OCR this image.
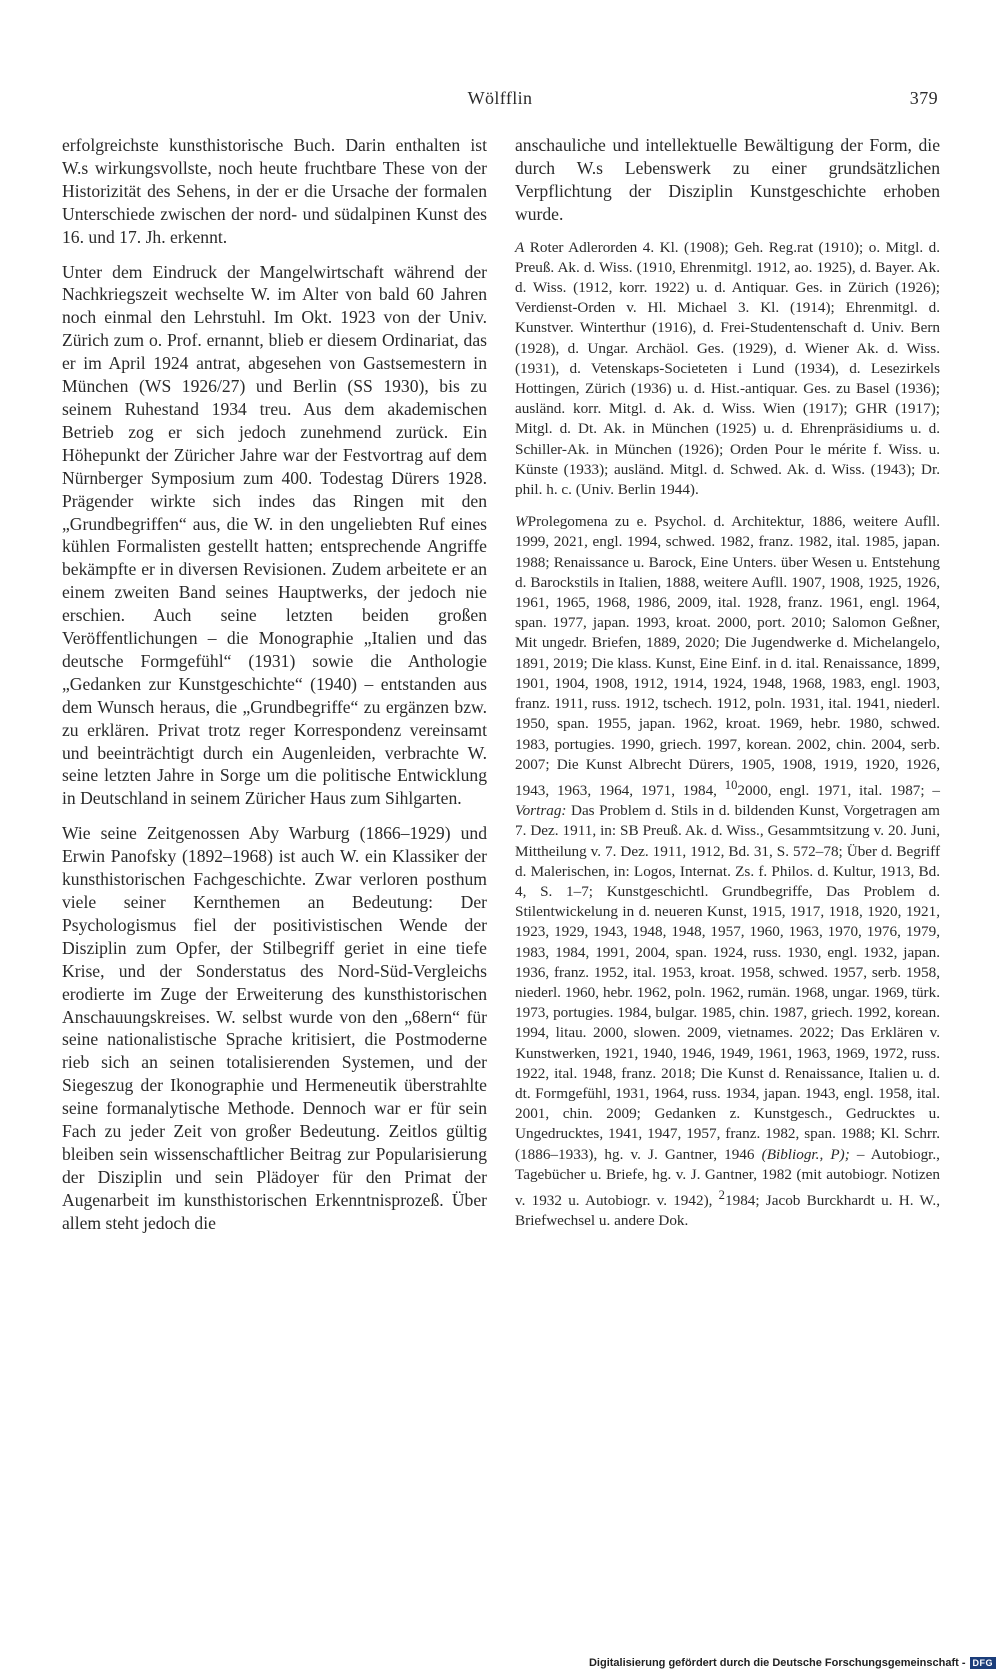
Wölfflin	379

erfolgreichste kunsthistorische Buch. Darin enthalten ist W.s wirkungsvollste, noch heute fruchtbare These von der Historizität des Sehens, in der er die Ursache der formalen Unterschiede zwischen der nord- und südalpinen Kunst des 16. und 17. Jh. erkennt.

Unter dem Eindruck der Mangelwirtschaft während der Nachkriegszeit wechselte W. im Alter von bald 60 Jahren noch einmal den Lehrstuhl. Im Okt. 1923 von der Univ. Zürich zum o. Prof. ernannt, blieb er diesem Ordinariat, das er im April 1924 antrat, abgesehen von Gastsemestern in München (WS 1926/27) und Berlin (SS 1930), bis zu seinem Ruhestand 1934 treu. Aus dem akademischen Betrieb zog er sich jedoch zunehmend zurück. Ein Höhepunkt der Züricher Jahre war der Festvortrag auf dem Nürnberger Symposium zum 400. Todestag Dürers 1928. Prägender wirkte sich indes das Ringen mit den „Grundbegriffen“ aus, die W. in den ungeliebten Ruf eines kühlen Formalisten gestellt hatten; entsprechende Angriffe bekämpfte er in diversen Revisionen. Zudem arbeitete er an einem zweiten Band seines Hauptwerks, der jedoch nie erschien. Auch seine letzten beiden großen Veröffentlichungen – die Monographie „Italien und das deutsche Formgefühl“ (1931) sowie die Anthologie „Gedanken zur Kunstgeschichte“ (1940) – entstanden aus dem Wunsch heraus, die „Grundbegriffe“ zu ergänzen bzw. zu erklären. Privat trotz reger Korrespondenz vereinsamt und beeinträchtigt durch ein Augenleiden, verbrachte W. seine letzten Jahre in Sorge um die politische Entwicklung in Deutschland in seinem Züricher Haus zum Sihlgarten.

Wie seine Zeitgenossen Aby Warburg (1866–1929) und Erwin Panofsky (1892–1968) ist auch W. ein Klassiker der kunsthistorischen Fachgeschichte. Zwar verloren posthum viele seiner Kernthemen an Bedeutung: Der Psychologismus fiel der positivistischen Wende der Disziplin zum Opfer, der Stilbegriff geriet in eine tiefe Krise, und der Sonderstatus des Nord-Süd-Vergleichs erodierte im Zuge der Erweiterung des kunsthistorischen Anschauungskreises. W. selbst wurde von den „68ern“ für seine nationalistische Sprache kritisiert, die Postmoderne rieb sich an seinen totalisierenden Systemen, und der Siegeszug der Ikonographie und Hermeneutik überstrahlte seine formanalytische Methode. Dennoch war er für sein Fach zu jeder Zeit von großer Bedeutung. Zeitlos gültig bleiben sein wissenschaftlicher Beitrag zur Popularisierung der Disziplin und sein Plädoyer für den Primat der Augenarbeit im kunsthistorischen Erkenntnisprozeß. Über allem steht jedoch die

anschauliche und intellektuelle Bewältigung der Form, die durch W.s Lebenswerk zu einer grundsätzlichen Verpflichtung der Disziplin Kunstgeschichte erhoben wurde.

A Roter Adlerorden 4. Kl. (1908); Geh. Reg.rat (1910); o. Mitgl. d. Preuß. Ak. d. Wiss. (1910, Ehrenmitgl. 1912, ao. 1925), d. Bayer. Ak. d. Wiss. (1912, korr. 1922) u. d. Antiquar. Ges. in Zürich (1926); Verdienst-Orden v. Hl. Michael 3. Kl. (1914); Ehrenmitgl. d. Kunstver. Winterthur (1916), d. Frei-Studentenschaft d. Univ. Bern (1928), d. Ungar. Archäol. Ges. (1929), d. Wiener Ak. d. Wiss. (1931), d. Vetenskaps-Societeten i Lund (1934), d. Lesezirkels Hottingen, Zürich (1936) u. d. Hist.-antiquar. Ges. zu Basel (1936); ausländ. korr. Mitgl. d. Ak. d. Wiss. Wien (1917); GHR (1917); Mitgl. d. Dt. Ak. in München (1925) u. d. Ehrenpräsidiums u. d. Schiller-Ak. in München (1926); Orden Pour le mérite f. Wiss. u. Künste (1933); ausländ. Mitgl. d. Schwed. Ak. d. Wiss. (1943); Dr. phil. h. c. (Univ. Berlin 1944).

WProlegomena zu e. Psychol. d. Architektur, 1886, weitere Aufll. 1999, 2021, engl. 1994, schwed. 1982, franz. 1982, ital. 1985, japan. 1988; Renaissance u. Barock, Eine Unters. über Wesen u. Entstehung d. Barockstils in Italien, 1888, weitere Aufll. 1907, 1908, 1925, 1926, 1961, 1965, 1968, 1986, 2009, ital. 1928, franz. 1961, engl. 1964, span. 1977, japan. 1993, kroat. 2000, port. 2010; Salomon Geßner, Mit ungedr. Briefen, 1889, 2020; Die Jugendwerke d. Michelangelo, 1891, 2019; Die klass. Kunst, Eine Einf. in d. ital. Renaissance, 1899, 1901, 1904, 1908, 1912, 1914, 1924, 1948, 1968, 1983, engl. 1903, franz. 1911, russ. 1912, tschech. 1912, poln. 1931, ital. 1941, niederl. 1950, span. 1955, japan. 1962, kroat. 1969, hebr. 1980, schwed. 1983, portugies. 1990, griech. 1997, korean. 2002, chin. 2004, serb. 2007; Die Kunst Albrecht Dürers, 1905, 1908, 1919, 1920, 1926, 1943, 1963, 1964, 1971, 1984, $^{10}$2000, engl. 1971, ital. 1987; – Vortrag: Das Problem d. Stils in d. bildenden Kunst, Vorgetragen am 7. Dez. 1911, in: SB Preuß. Ak. d. Wiss., Gesammtsitzung v. 20. Juni, Mittheilung v. 7. Dez. 1911, 1912, Bd. 31, S. 572–78; Über d. Begriff d. Malerischen, in: Logos, Internat. Zs. f. Philos. d. Kultur, 1913, Bd. 4, S. 1–7; Kunstgeschichtl. Grundbegriffe, Das Problem d. Stilentwickelung in d. neueren Kunst, 1915, 1917, 1918, 1920, 1921, 1923, 1929, 1943, 1948, 1948, 1957, 1960, 1963, 1970, 1976, 1979, 1983, 1984, 1991, 2004, span. 1924, russ. 1930, engl. 1932, japan. 1936, franz. 1952, ital. 1953, kroat. 1958, schwed. 1957, serb. 1958, niederl. 1960, hebr. 1962, poln. 1962, rumän. 1968, ungar. 1969, türk. 1973, portugies. 1984, bulgar. 1985, chin. 1987, griech. 1992, korean. 1994, litau. 2000, slowen. 2009, vietnames. 2022; Das Erklären v. Kunstwerken, 1921, 1940, 1946, 1949, 1961, 1963, 1969, 1972, russ. 1922, ital. 1948, franz. 2018; Die Kunst d. Renaissance, Italien u. d. dt. Formgefühl, 1931, 1964, russ. 1934, japan. 1943, engl. 1958, ital. 2001, chin. 2009; Gedanken z. Kunstgesch., Gedrucktes u. Ungedrucktes, 1941, 1947, 1957, franz. 1982, span. 1988; Kl. Schrr. (1886–1933), hg. v. J. Gantner, 1946 (Bibliogr., P); – Autobiogr., Tagebücher u. Briefe, hg. v. J. Gantner, 1982 (mit autobiogr. Notizen v. 1932 u. Autobiogr. v. 1942), $^2$1984; Jacob Burckhardt u. H. W., Briefwechsel u. andere Dok.

Digitalisierung gefördert durch die Deutsche Forschungsgemeinschaft - DFG
